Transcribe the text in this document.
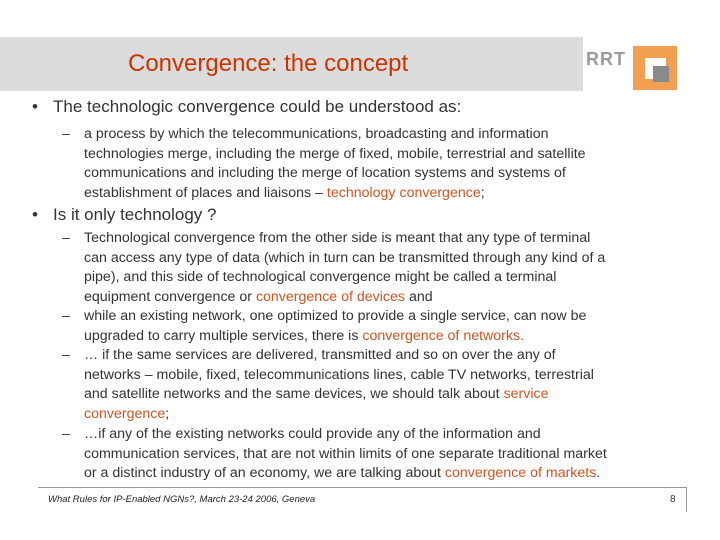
Convergence: the concept	RRT
• The technologic convergence could be understood as:
– a process by which the telecommunications, broadcasting and information
technologies merge, including the merge of fixed, mobile, terrestrial and satellite
communications and including the merge of location systems and systems of
establishment of places and liaisons – technology convergence;
• Is it only technology ?
– Technological convergence from the other side is meant that any type of terminal
can access any type of data (which in turn can be transmitted through any kind of a
pipe), and this side of technological convergence might be called a terminal
equipment convergence or convergence of devices and
– while an existing network, one optimized to provide a single service, can now be
upgraded to carry multiple services, there is convergence of networks.
– … if the same services are delivered, transmitted and so on over the any of
networks – mobile, fixed, telecommunications lines, cable TV networks, terrestrial
and satellite networks and the same devices, we should talk about service
convergence;
– …if any of the existing networks could provide any of the information and
communication services, that are not within limits of one separate traditional market
or a distinct industry of an economy, we are talking about convergence of markets.
What Rules for IP-Enabled NGNs?, March 23-24 2006, Geneva	8
